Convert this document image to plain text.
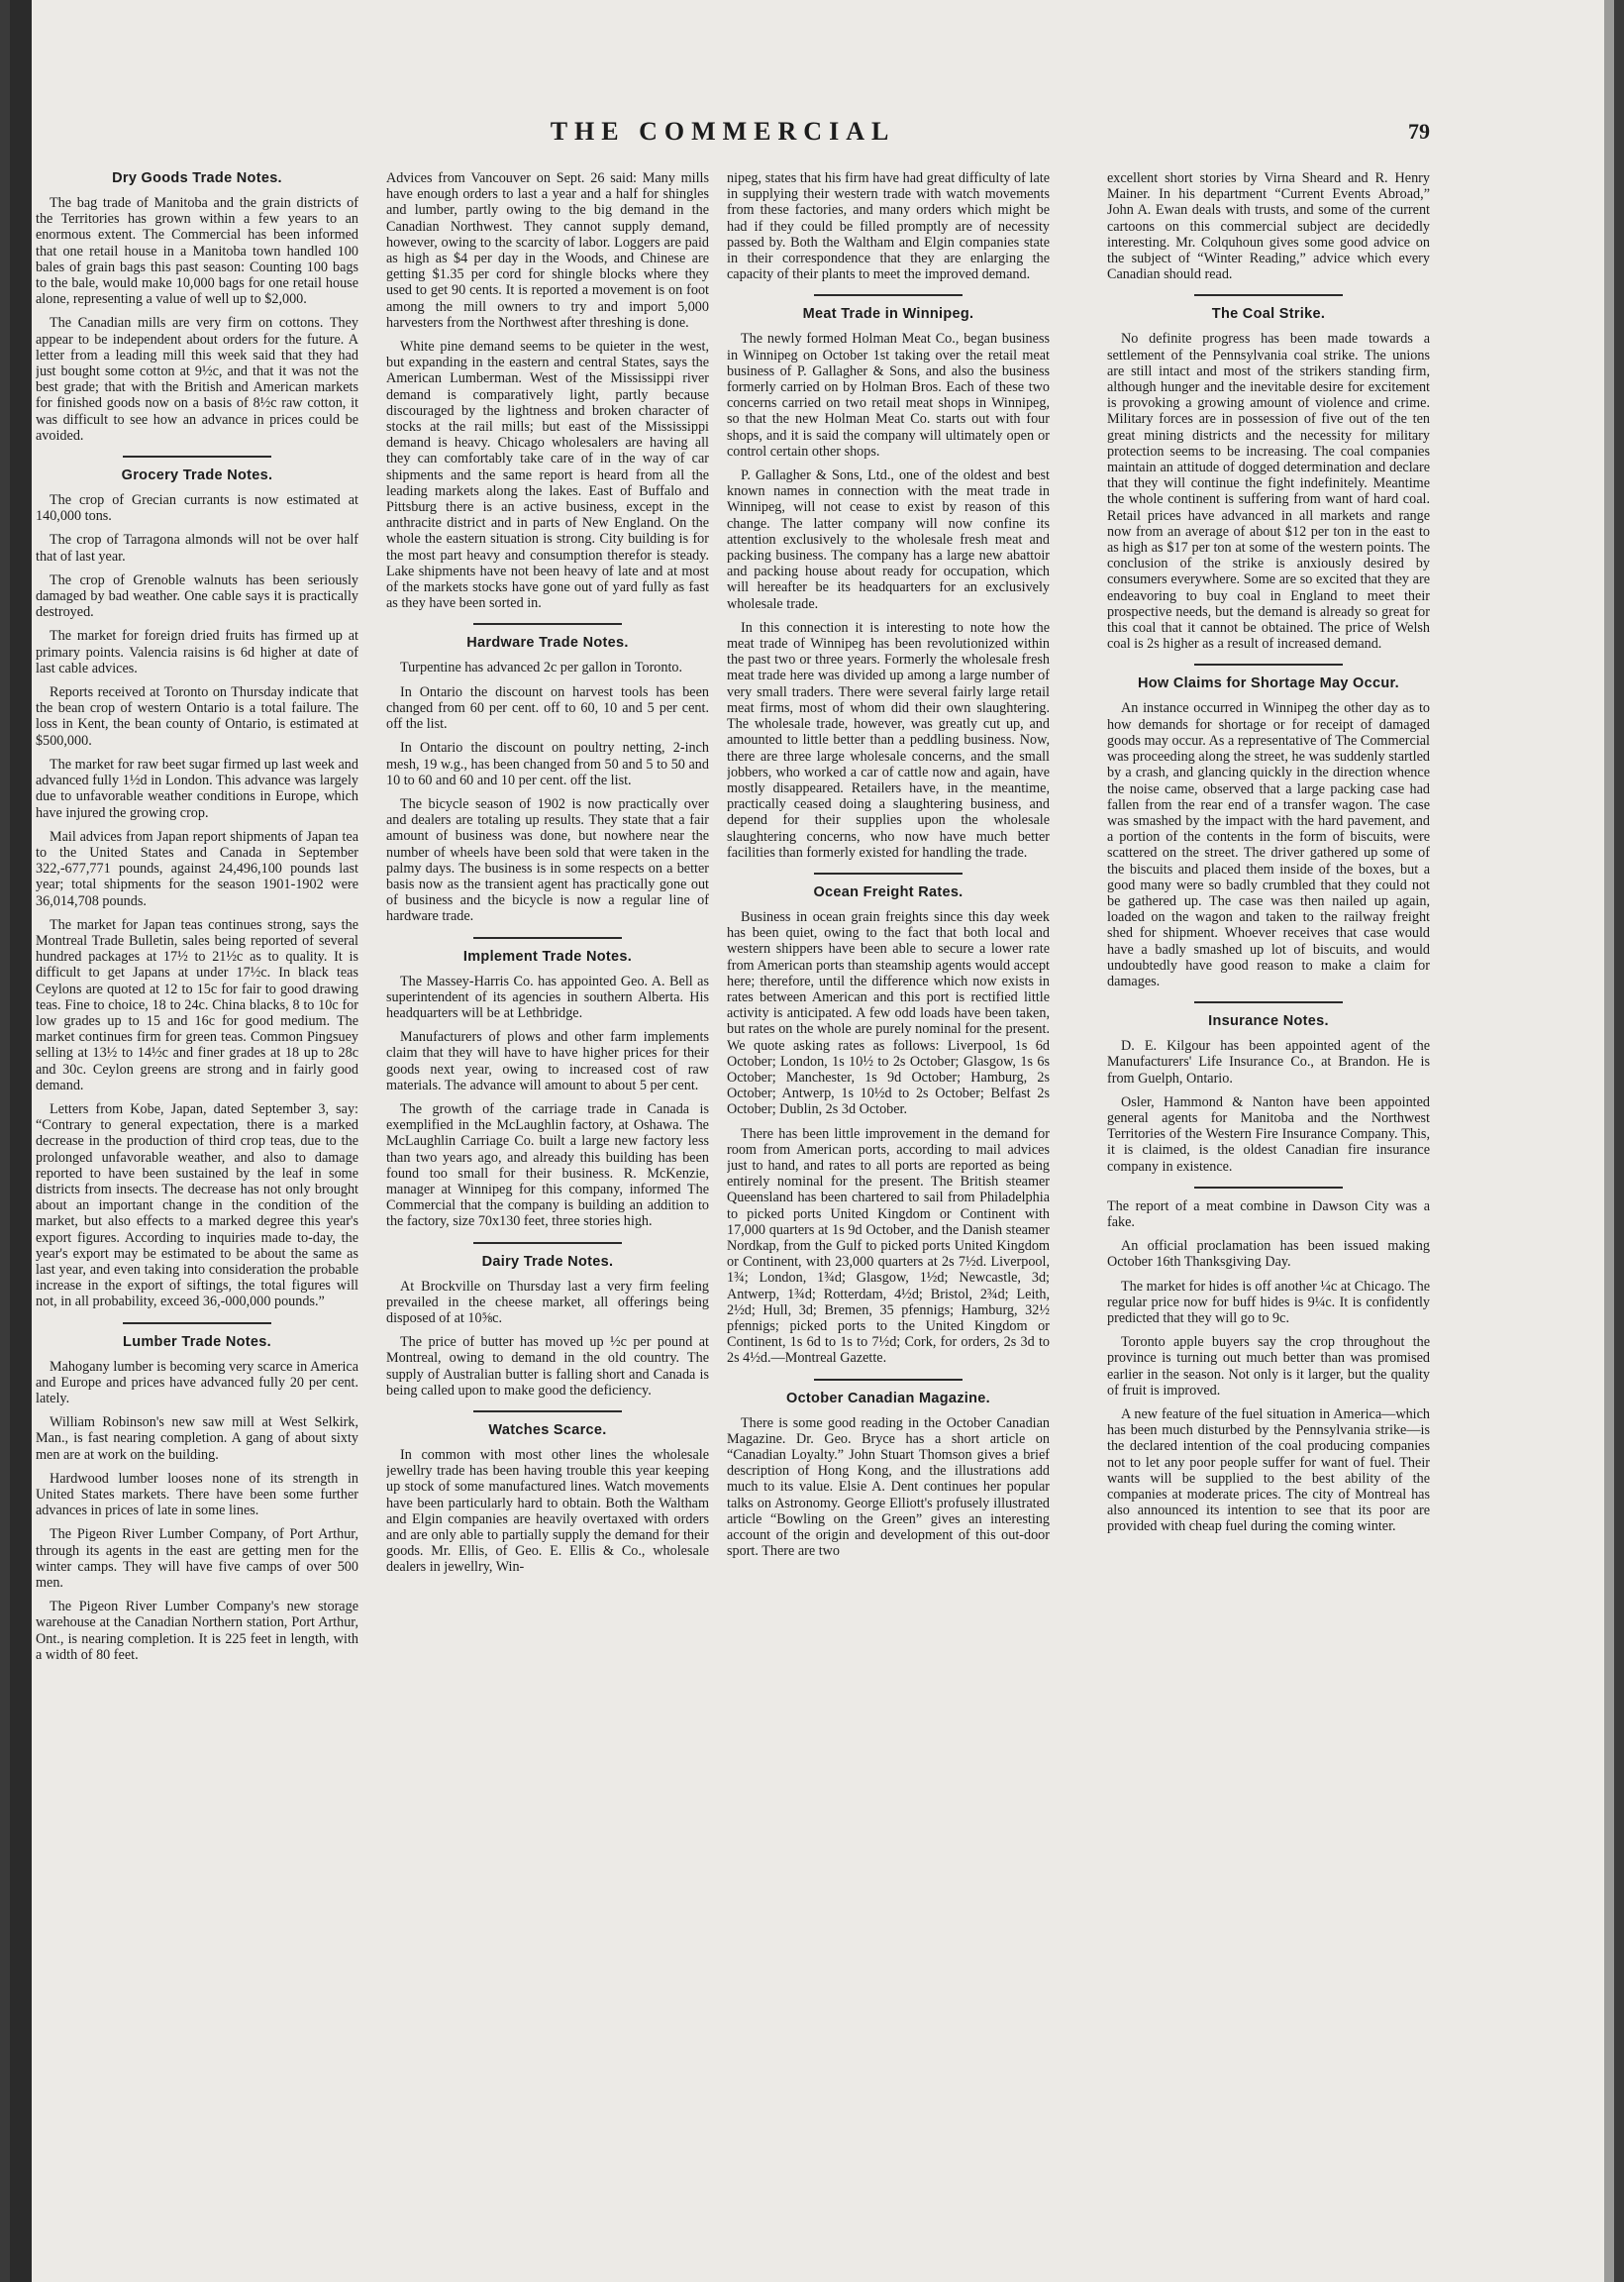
THE COMMERCIAL	79
Dry Goods Trade Notes.

The bag trade of Manitoba and the grain districts of the Territories has grown within a few years to an enormous extent. The Commercial has been informed that one retail house in a Manitoba town handled 100 bales of grain bags this past season: Counting 100 bags to the bale, would make 10,000 bags for one retail house alone, representing a value of well up to $2,000.

The Canadian mills are very firm on cottons. They appear to be independent about orders for the future. A letter from a leading mill this week said that they had just bought some cotton at 9½c, and that it was not the best grade; that with the British and American markets for finished goods now on a basis of 8½c raw cotton, it was difficult to see how an advance in prices could be avoided.

Grocery Trade Notes.

The crop of Grecian currants is now estimated at 140,000 tons.

The crop of Tarragona almonds will not be over half that of last year.

The crop of Grenoble walnuts has been seriously damaged by bad weather. One cable says it is practically destroyed.

The market for foreign dried fruits has firmed up at primary points. Valencia raisins is 6d higher at date of last cable advices.

Reports received at Toronto on Thursday indicate that the bean crop of western Ontario is a total failure. The loss in Kent, the bean county of Ontario, is estimated at $500,000.

The market for raw beet sugar firmed up last week and advanced fully 1½d in London. This advance was largely due to unfavorable weather conditions in Europe, which have injured the growing crop.

Mail advices from Japan report shipments of Japan tea to the United States and Canada in September 322,-677,771 pounds, against 24,496,100 pounds last year; total shipments for the season 1901-1902 were 36,014,708 pounds.

The market for Japan teas continues strong, says the Montreal Trade Bulletin, sales being reported of several hundred packages at 17½ to 21½c as to quality. It is difficult to get Japans at under 17½c. In black teas Ceylons are quoted at 12 to 15c for fair to good drawing teas. Fine to choice, 18 to 24c. China blacks, 8 to 10c for low grades up to 15 and 16c for good medium. The market continues firm for green teas. Common Pingsuey selling at 13½ to 14½c and finer grades at 18 up to 28c and 30c. Ceylon greens are strong and in fairly good demand.

Letters from Kobe, Japan, dated September 3, say: “Contrary to general expectation, there is a marked decrease in the production of third crop teas, due to the prolonged unfavorable weather, and also to damage reported to have been sustained by the leaf in some districts from insects. The decrease has not only brought about an important change in the condition of the market, but also effects to a marked degree this year's export figures. According to inquiries made to-day, the year's export may be estimated to be about the same as last year, and even taking into consideration the probable increase in the export of siftings, the total figures will not, in all probability, exceed 36,-000,000 pounds.”

Lumber Trade Notes.

Mahogany lumber is becoming very scarce in America and Europe and prices have advanced fully 20 per cent. lately.

William Robinson's new saw mill at West Selkirk, Man., is fast nearing completion. A gang of about sixty men are at work on the building.

Hardwood lumber looses none of its strength in United States markets. There have been some further advances in prices of late in some lines.

The Pigeon River Lumber Company, of Port Arthur, through its agents in the east are getting men for the winter camps. They will have five camps of over 500 men.

The Pigeon River Lumber Company's new storage warehouse at the Canadian Northern station, Port Arthur, Ont., is nearing completion. It is 225 feet in length, with a width of 80 feet.

Advices from Vancouver on Sept. 26 said: Many mills have enough orders to last a year and a half for shingles and lumber, partly owing to the big demand in the Canadian Northwest. They cannot supply demand, however, owing to the scarcity of labor. Loggers are paid as high as $4 per day in the Woods, and Chinese are getting $1.35 per cord for shingle blocks where they used to get 90 cents. It is reported a movement is on foot among the mill owners to try and import 5,000 harvesters from the Northwest after threshing is done.

White pine demand seems to be quieter in the west, but expanding in the eastern and central States, says the American Lumberman. West of the Mississippi river demand is comparatively light, partly because discouraged by the lightness and broken character of stocks at the rail mills; but east of the Mississippi demand is heavy. Chicago wholesalers are having all they can comfortably take care of in the way of car shipments and the same report is heard from all the leading markets along the lakes. East of Buffalo and Pittsburg there is an active business, except in the anthracite district and in parts of New England. On the whole the eastern situation is strong. City building is for the most part heavy and consumption therefor is steady. Lake shipments have not been heavy of late and at most of the markets stocks have gone out of yard fully as fast as they have been sorted in.

Hardware Trade Notes.

Turpentine has advanced 2c per gallon in Toronto.

In Ontario the discount on harvest tools has been changed from 60 per cent. off to 60, 10 and 5 per cent. off the list.

In Ontario the discount on poultry netting, 2-inch mesh, 19 w.g., has been changed from 50 and 5 to 50 and 10 to 60 and 60 and 10 per cent. off the list.

The bicycle season of 1902 is now practically over and dealers are totaling up results. They state that a fair amount of business was done, but nowhere near the number of wheels have been sold that were taken in the palmy days. The business is in some respects on a better basis now as the transient agent has practically gone out of business and the bicycle is now a regular line of hardware trade.

Implement Trade Notes.

The Massey-Harris Co. has appointed Geo. A. Bell as superintendent of its agencies in southern Alberta. His headquarters will be at Lethbridge.

Manufacturers of plows and other farm implements claim that they will have to have higher prices for their goods next year, owing to increased cost of raw materials. The advance will amount to about 5 per cent.

The growth of the carriage trade in Canada is exemplified in the McLaughlin factory, at Oshawa. The McLaughlin Carriage Co. built a large new factory less than two years ago, and already this building has been found too small for their business. R. McKenzie, manager at Winnipeg for this company, informed The Commercial that the company is building an addition to the factory, size 70x130 feet, three stories high.

Dairy Trade Notes.

At Brockville on Thursday last a very firm feeling prevailed in the cheese market, all offerings being disposed of at 10⅝c.

The price of butter has moved up ½c per pound at Montreal, owing to demand in the old country. The supply of Australian butter is falling short and Canada is being called upon to make good the deficiency.

Watches Scarce.

In common with most other lines the wholesale jewellry trade has been having trouble this year keeping up stock of some manufactured lines. Watch movements have been particularly hard to obtain. Both the Waltham and Elgin companies are heavily overtaxed with orders and are only able to partially supply the demand for their goods. Mr. Ellis, of Geo. E. Ellis & Co., wholesale dealers in jewellry, Win-

nipeg, states that his firm have had great difficulty of late in supplying their western trade with watch movements from these factories, and many orders which might be had if they could be filled promptly are of necessity passed by. Both the Waltham and Elgin companies state in their correspondence that they are enlarging the capacity of their plants to meet the improved demand.

Meat Trade in Winnipeg.

The newly formed Holman Meat Co., began business in Winnipeg on October 1st taking over the retail meat business of P. Gallagher & Sons, and also the business formerly carried on by Holman Bros. Each of these two concerns carried on two retail meat shops in Winnipeg, so that the new Holman Meat Co. starts out with four shops, and it is said the company will ultimately open or control certain other shops.

P. Gallagher & Sons, Ltd., one of the oldest and best known names in connection with the meat trade in Winnipeg, will not cease to exist by reason of this change. The latter company will now confine its attention exclusively to the wholesale fresh meat and packing business. The company has a large new abattoir and packing house about ready for occupation, which will hereafter be its headquarters for an exclusively wholesale trade.

In this connection it is interesting to note how the meat trade of Winnipeg has been revolutionized within the past two or three years. Formerly the wholesale fresh meat trade here was divided up among a large number of very small traders. There were several fairly large retail meat firms, most of whom did their own slaughtering. The wholesale trade, however, was greatly cut up, and amounted to little better than a peddling business. Now, there are three large wholesale concerns, and the small jobbers, who worked a car of cattle now and again, have mostly disappeared. Retailers have, in the meantime, practically ceased doing a slaughtering business, and depend for their supplies upon the wholesale slaughtering concerns, who now have much better facilities than formerly existed for handling the trade.

Ocean Freight Rates.

Business in ocean grain freights since this day week has been quiet, owing to the fact that both local and western shippers have been able to secure a lower rate from American ports than steamship agents would accept here; therefore, until the difference which now exists in rates between American and this port is rectified little activity is anticipated. A few odd loads have been taken, but rates on the whole are purely nominal for the present. We quote asking rates as follows: Liverpool, 1s 6d October; London, 1s 10½ to 2s October; Glasgow, 1s 6s October; Manchester, 1s 9d October; Hamburg, 2s October; Antwerp, 1s 10½d to 2s October; Belfast 2s October; Dublin, 2s 3d October.

There has been little improvement in the demand for room from American ports, according to mail advices just to hand, and rates to all ports are reported as being entirely nominal for the present. The British steamer Queensland has been chartered to sail from Philadelphia to picked ports United Kingdom or Continent with 17,000 quarters at 1s 9d October, and the Danish steamer Nordkap, from the Gulf to picked ports United Kingdom or Continent, with 23,000 quarters at 2s 7½d. Liverpool, 1¾; London, 1¾d; Glasgow, 1½d; Newcastle, 3d; Antwerp, 1¾d; Rotterdam, 4½d; Bristol, 2¾d; Leith, 2½d; Hull, 3d; Bremen, 35 pfennigs; Hamburg, 32½ pfennigs; picked ports to the United Kingdom or Continent, 1s 6d to 1s to 7½d; Cork, for orders, 2s 3d to 2s 4½d.—Montreal Gazette.

October Canadian Magazine.

There is some good reading in the October Canadian Magazine. Dr. Geo. Bryce has a short article on “Canadian Loyalty.” John Stuart Thomson gives a brief description of Hong Kong, and the illustrations add much to its value. Elsie A. Dent continues her popular talks on Astronomy. George Elliott's profusely illustrated article “Bowling on the Green” gives an interesting account of the origin and development of this out-door sport. There are two

excellent short stories by Virna Sheard and R. Henry Mainer. In his department “Current Events Abroad,” John A. Ewan deals with trusts, and some of the current cartoons on this commercial subject are decidedly interesting. Mr. Colquhoun gives some good advice on the subject of “Winter Reading,” advice which every Canadian should read.

The Coal Strike.

No definite progress has been made towards a settlement of the Pennsylvania coal strike. The unions are still intact and most of the strikers standing firm, although hunger and the inevitable desire for excitement is provoking a growing amount of violence and crime. Military forces are in possession of five out of the ten great mining districts and the necessity for military protection seems to be increasing. The coal companies maintain an attitude of dogged determination and declare that they will continue the fight indefinitely. Meantime the whole continent is suffering from want of hard coal. Retail prices have advanced in all markets and range now from an average of about $12 per ton in the east to as high as $17 per ton at some of the western points. The conclusion of the strike is anxiously desired by consumers everywhere. Some are so excited that they are endeavoring to buy coal in England to meet their prospective needs, but the demand is already so great for this coal that it cannot be obtained. The price of Welsh coal is 2s higher as a result of increased demand.

How Claims for Shortage May Occur.

An instance occurred in Winnipeg the other day as to how demands for shortage or for receipt of damaged goods may occur. As a representative of The Commercial was proceeding along the street, he was suddenly startled by a crash, and glancing quickly in the direction whence the noise came, observed that a large packing case had fallen from the rear end of a transfer wagon. The case was smashed by the impact with the hard pavement, and a portion of the contents in the form of biscuits, were scattered on the street. The driver gathered up some of the biscuits and placed them inside of the boxes, but a good many were so badly crumbled that they could not be gathered up. The case was then nailed up again, loaded on the wagon and taken to the railway freight shed for shipment. Whoever receives that case would have a badly smashed up lot of biscuits, and would undoubtedly have good reason to make a claim for damages.

Insurance Notes.

D. E. Kilgour has been appointed agent of the Manufacturers' Life Insurance Co., at Brandon. He is from Guelph, Ontario.

Osler, Hammond & Nanton have been appointed general agents for Manitoba and the Northwest Territories of the Western Fire Insurance Company. This, it is claimed, is the oldest Canadian fire insurance company in existence.

The report of a meat combine in Dawson City was a fake.

An official proclamation has been issued making October 16th Thanksgiving Day.

The market for hides is off another ¼c at Chicago. The regular price now for buff hides is 9¼c. It is confidently predicted that they will go to 9c.

Toronto apple buyers say the crop throughout the province is turning out much better than was promised earlier in the season. Not only is it larger, but the quality of fruit is improved.

A new feature of the fuel situation in America—which has been much disturbed by the Pennsylvania strike—is the declared intention of the coal producing companies not to let any poor people suffer for want of fuel. Their wants will be supplied to the best ability of the companies at moderate prices. The city of Montreal has also announced its intention to see that its poor are provided with cheap fuel during the coming winter.
